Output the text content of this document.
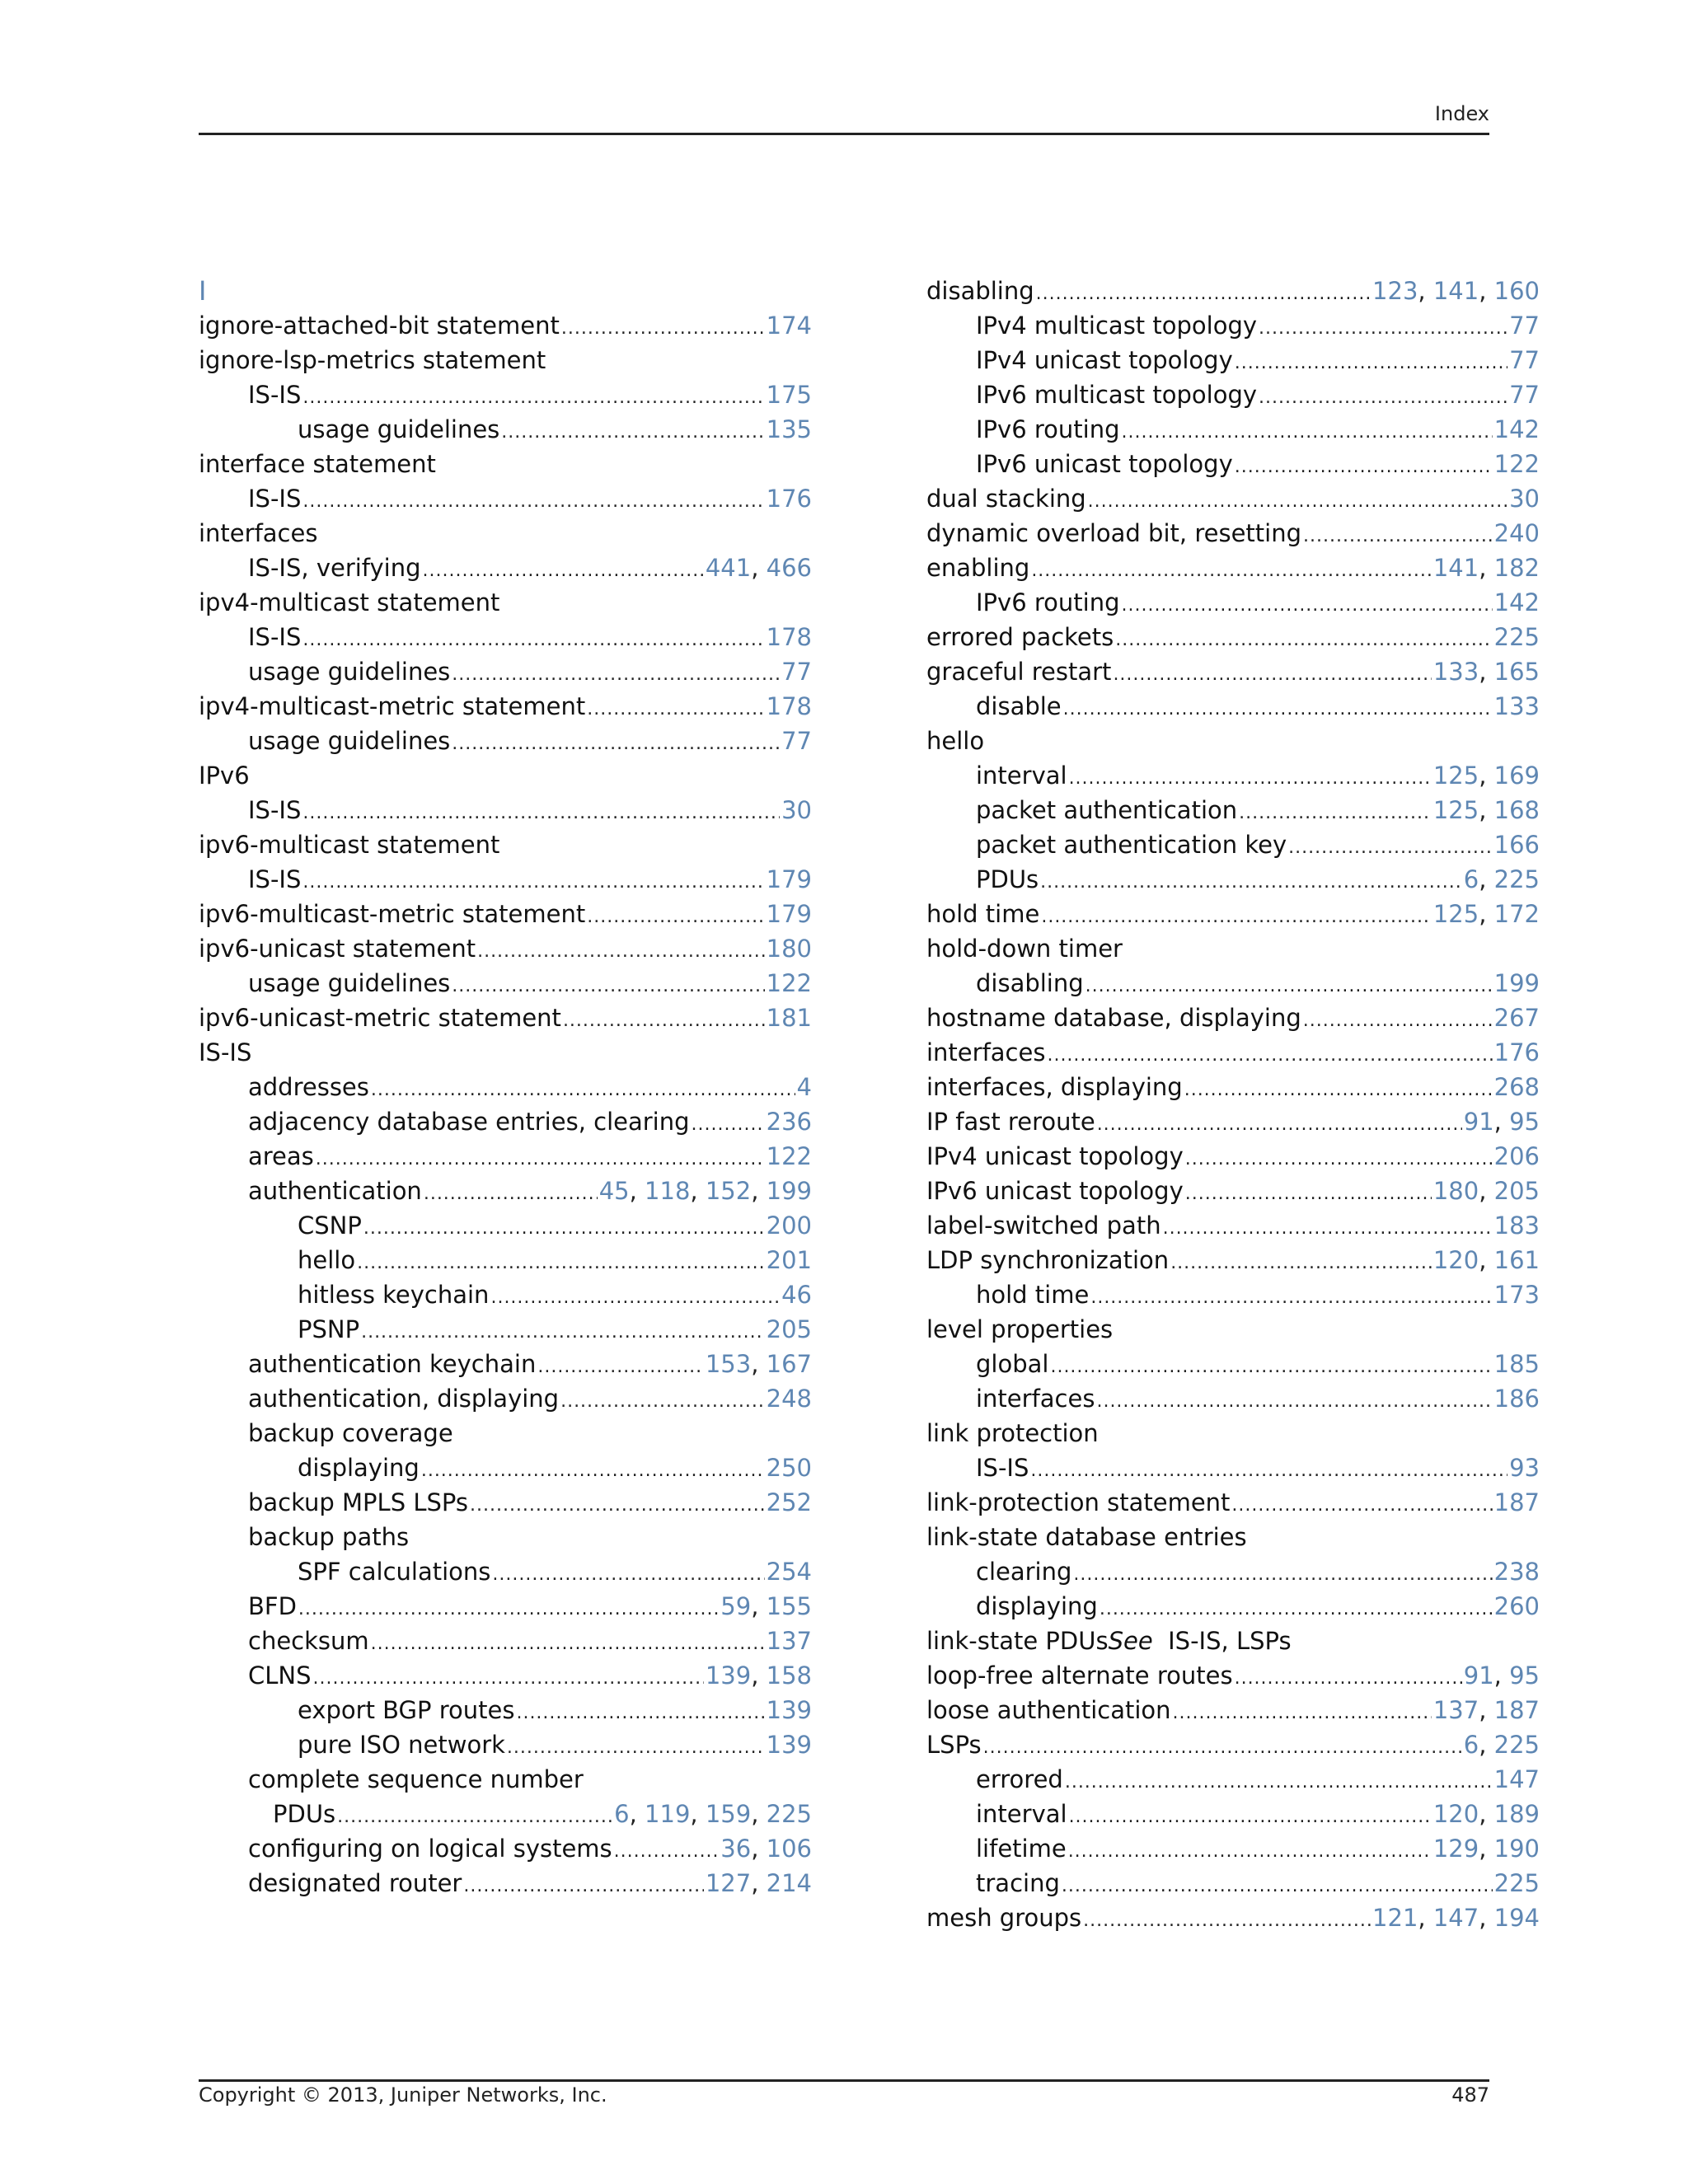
Index
I
ignore-attached-bit statement .....	174
ignore-lsp-metrics statement
IS-IS .....	175
usage guidelines .....	135
interface statement
IS-IS .....	176
interfaces
IS-IS, verifying .....	441, 466
ipv4-multicast statement
IS-IS .....	178
usage guidelines .....	77
ipv4-multicast-metric statement .....	178
usage guidelines .....	77
IPv6
IS-IS .....	30
ipv6-multicast statement
IS-IS .....	179
ipv6-multicast-metric statement .....	179
ipv6-unicast statement .....	180
usage guidelines .....	122
ipv6-unicast-metric statement .....	181
IS-IS
addresses .....	4
adjacency database entries, clearing .....	236
areas .....	122
authentication .....	45, 118, 152, 199
CSNP .....	200
hello .....	201
hitless keychain .....	46
PSNP .....	205
authentication keychain .....	153, 167
authentication, displaying .....	248
backup coverage
displaying .....	250
backup MPLS LSPs .....	252
backup paths
SPF calculations .....	254
BFD .....	59, 155
checksum .....	137
CLNS .....	139, 158
export BGP routes .....	139
pure ISO network .....	139
complete sequence number
PDUs .....	6, 119, 159, 225
configuring on logical systems .....	36, 106
designated router .....	127, 214
disabling .....	123, 141, 160
IPv4 multicast topology .....	77
IPv4 unicast topology .....	77
IPv6 multicast topology .....	77
IPv6 routing .....	142
IPv6 unicast topology .....	122
dual stacking .....	30
dynamic overload bit, resetting .....	240
enabling .....	141, 182
IPv6 routing .....	142
errored packets .....	225
graceful restart .....	133, 165
disable .....	133
hello
interval .....	125, 169
packet authentication .....	125, 168
packet authentication key .....	166
PDUs .....	6, 225
hold time .....	125, 172
hold-down timer
disabling .....	199
hostname database, displaying .....	267
interfaces .....	176
interfaces, displaying .....	268
IP fast reroute .....	91, 95
IPv4 unicast topology .....	206
IPv6 unicast topology .....	180, 205
label-switched path .....	183
LDP synchronization .....	120, 161
hold time .....	173
level properties
global .....	185
interfaces .....	186
link protection
IS-IS .....	93
link-protection statement .....	187
link-state database entries
clearing .....	238
displaying .....	260
link-state PDUs See
IS-IS, LSPs
loop-free alternate routes .....	91, 95
loose authentication .....	137, 187
LSPs .....	6, 225
errored .....	147
interval .....	120, 189
lifetime .....	129, 190
tracing .....	225
mesh groups .....	121, 147, 194
Copyright © 2013, Juniper Networks, Inc.	487
